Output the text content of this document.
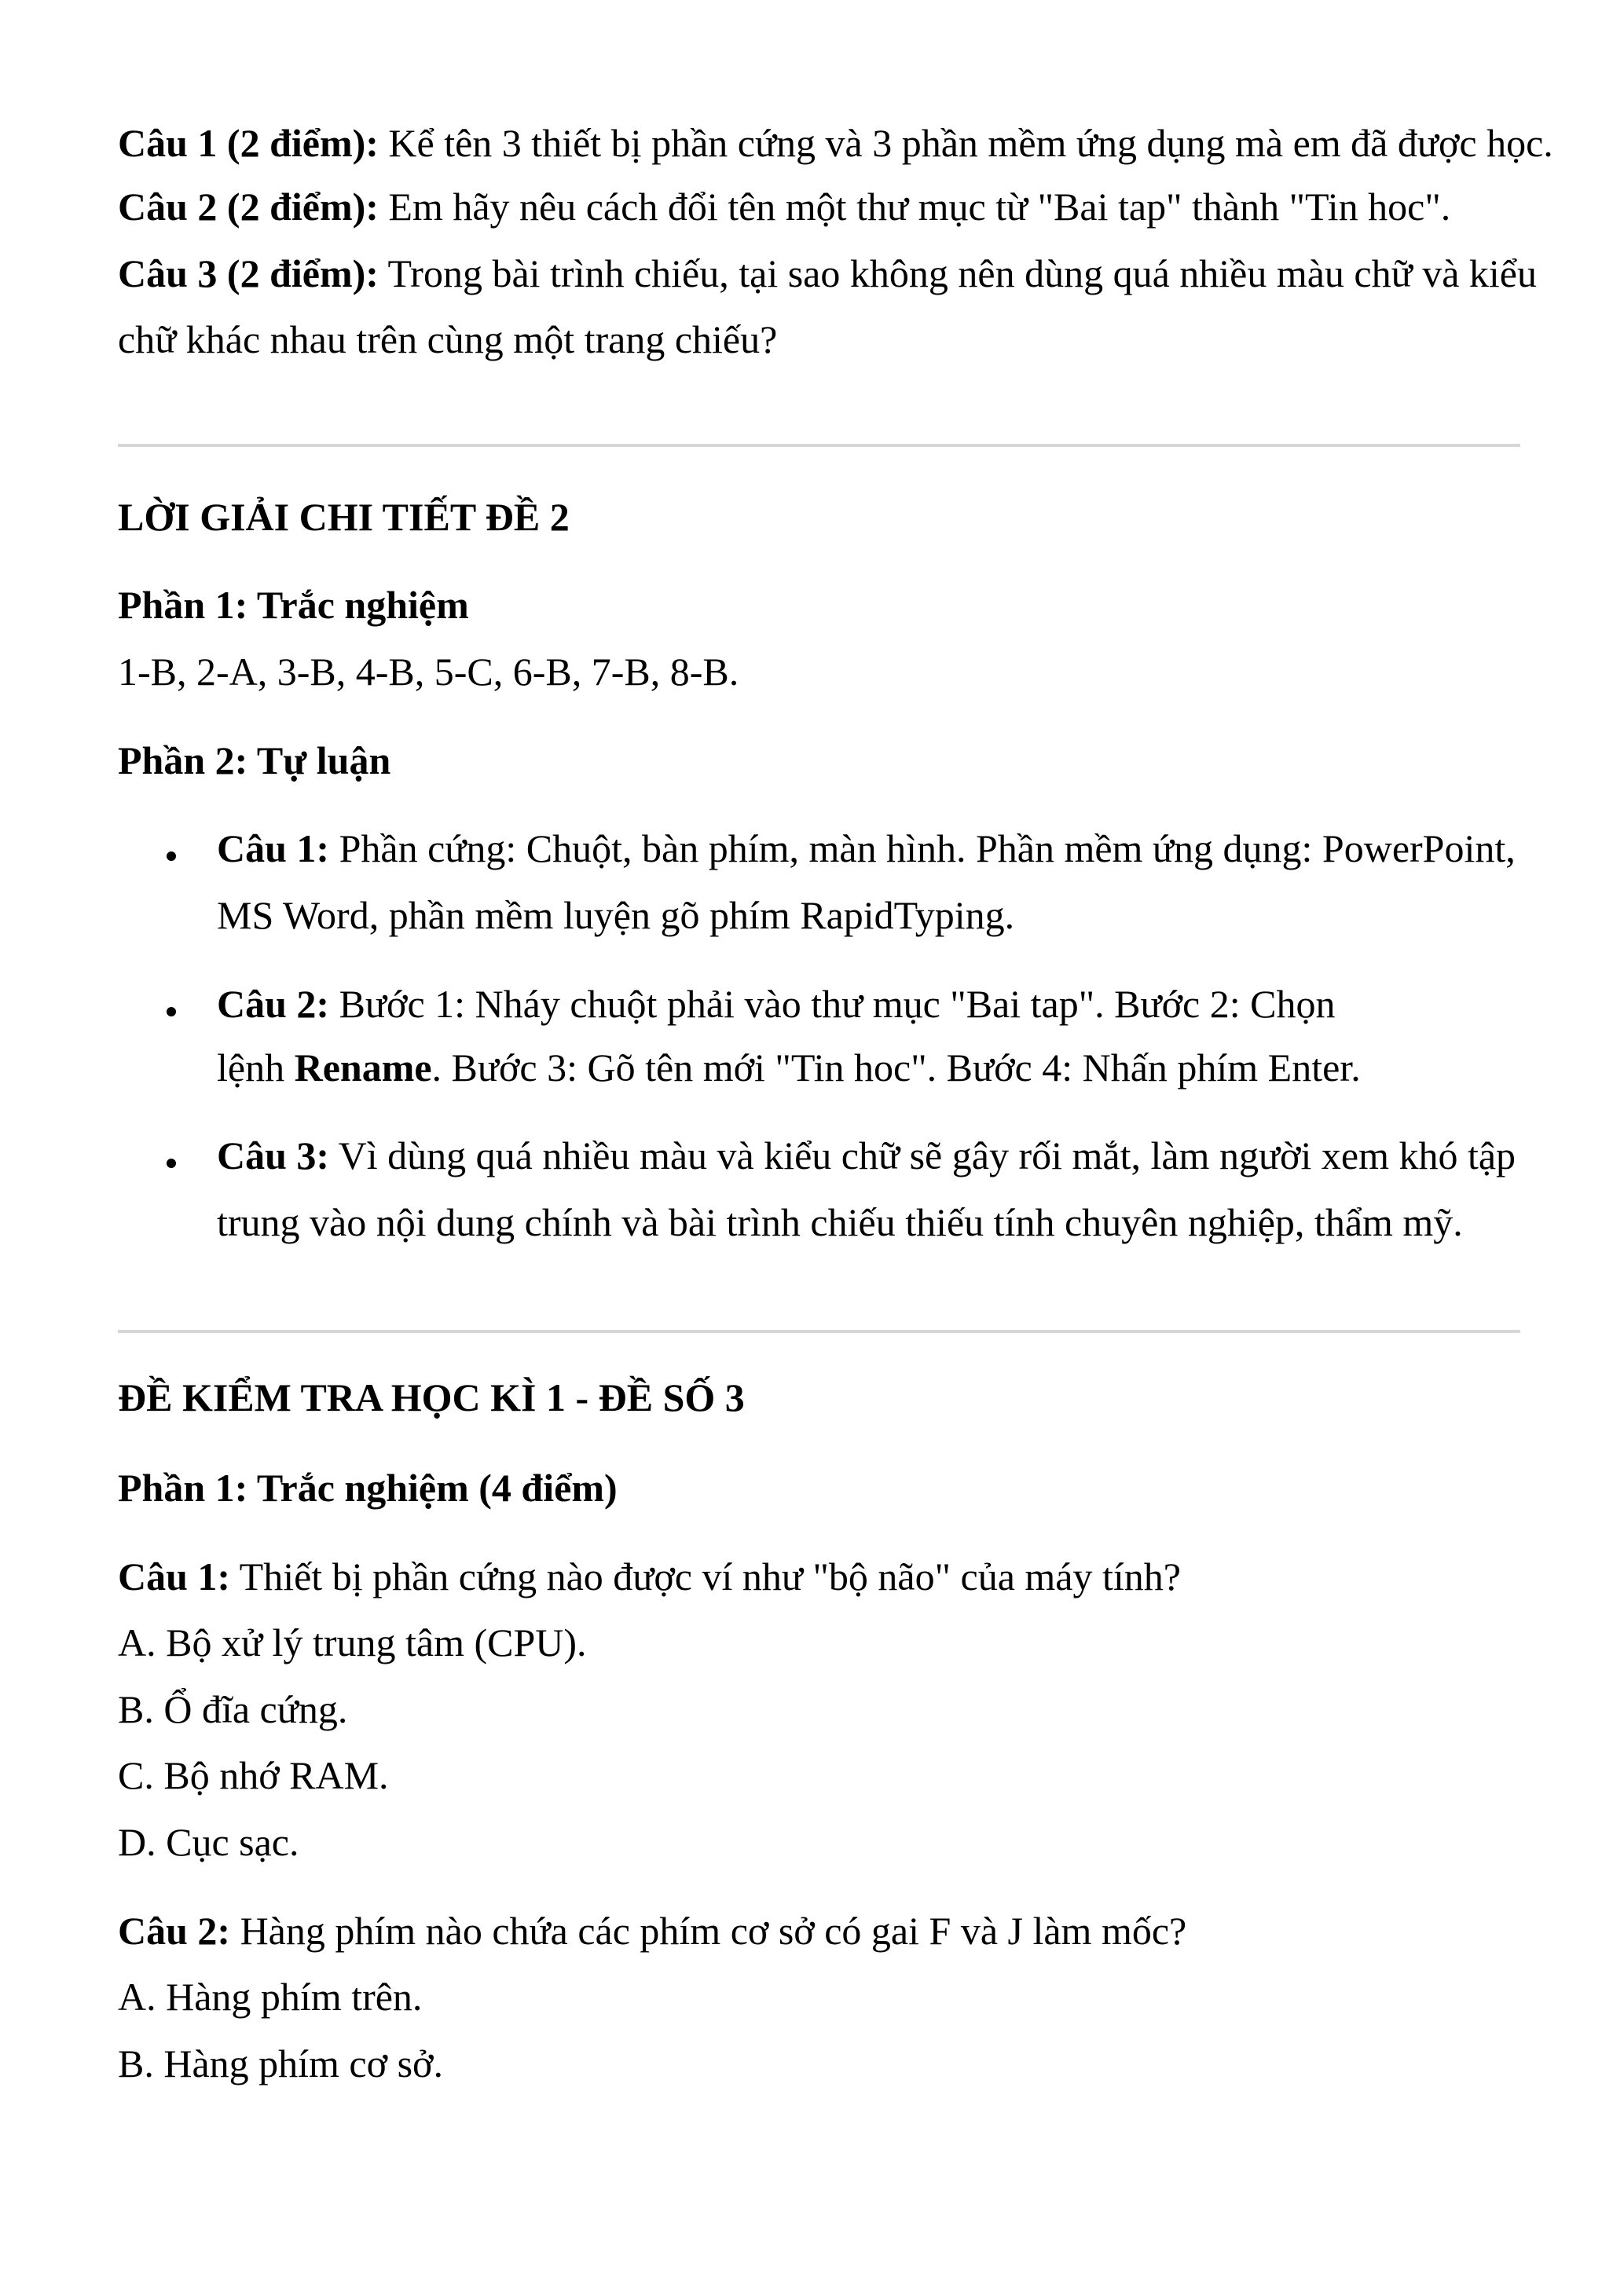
Câu 1 (2 điểm): Kể tên 3 thiết bị phần cứng và 3 phần mềm ứng dụng mà em đã được học.
Câu 2 (2 điểm): Em hãy nêu cách đổi tên một thư mục từ "Bai tap" thành "Tin hoc".
Câu 3 (2 điểm): Trong bài trình chiếu, tại sao không nên dùng quá nhiều màu chữ và kiểu
chữ khác nhau trên cùng một trang chiếu?
LỜI GIẢI CHI TIẾT ĐỀ 2
Phần 1: Trắc nghiệm
1-B, 2-A, 3-B, 4-B, 5-C, 6-B, 7-B, 8-B.
Phần 2: Tự luận
Câu 1: Phần cứng: Chuột, bàn phím, màn hình. Phần mềm ứng dụng: PowerPoint,
MS Word, phần mềm luyện gõ phím RapidTyping.
Câu 2: Bước 1: Nháy chuột phải vào thư mục "Bai tap". Bước 2: Chọn
lệnh Rename. Bước 3: Gõ tên mới "Tin hoc". Bước 4: Nhấn phím Enter.
Câu 3: Vì dùng quá nhiều màu và kiểu chữ sẽ gây rối mắt, làm người xem khó tập
trung vào nội dung chính và bài trình chiếu thiếu tính chuyên nghiệp, thẩm mỹ.
ĐỀ KIỂM TRA HỌC KÌ 1 - ĐỀ SỐ 3
Phần 1: Trắc nghiệm (4 điểm)
Câu 1: Thiết bị phần cứng nào được ví như "bộ não" của máy tính?
A. Bộ xử lý trung tâm (CPU).
B. Ổ đĩa cứng.
C. Bộ nhớ RAM.
D. Cục sạc.
Câu 2: Hàng phím nào chứa các phím cơ sở có gai F và J làm mốc?
A. Hàng phím trên.
B. Hàng phím cơ sở.
